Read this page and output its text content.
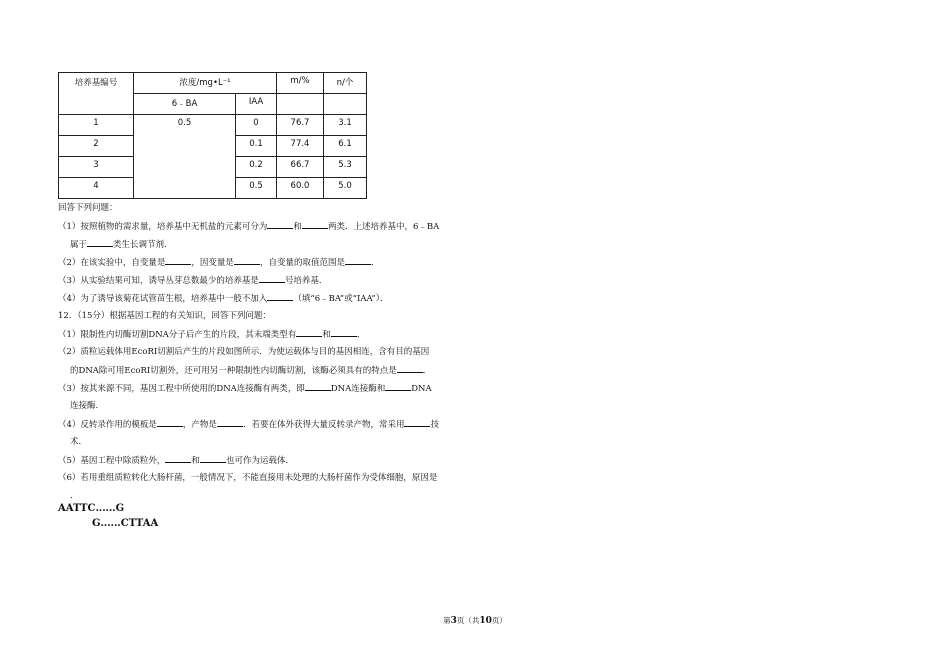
培养基编号	浓度/mg•L⁻¹		m/%	n/个
	6﹣BA	IAA		
1	0.5	0	76.7	3.1
2		0.1	77.4	6.1
3		0.2	66.7	5.3
4		0.5	60.0	5.0
回答下列问题：
（1）按照植物的需求量，培养基中无机盐的元素可分为	和	两类．上述培养基中，6﹣BA
属于	类生长调节剂．
（2）在该实验中，自变量是	，因变量是	，自变量的取值范围是	．
（3）从实验结果可知，诱导丛芽总数最少的培养基是	号培养基．
（4）为了诱导该菊花试管苗生根，培养基中一般不加入	（填“6﹣BA”或“IAA”）．
12．（15分）根据基因工程的有关知识，回答下列问题：
（1）限制性内切酶切割DNA分子后产生的片段，其末端类型有	和	．
（2）质粒运载体用EcoRⅠ切割后产生的片段如图所示．为使运载体与目的基因相连，含有目的基因
的DNA除可用EcoRⅠ切割外，还可用另一种限制性内切酶切割，该酶必须具有的特点是	．
（3）按其来源不同，基因工程中所使用的DNA连接酶有两类，即	DNA连接酶和	DNA
连接酶．
（4）反转录作用的模板是	，产物是	．若要在体外获得大量反转录产物，常采用	技
术．
（5）基因工程中除质粒外，	和	也可作为运载体．
（6）若用重组质粒转化大肠杆菌，一般情况下，不能直接用未处理的大肠杆菌作为受体细胞，原因是
．
AATTC‥‥‥G
G‥‥‥CTTAA
第3页（共10页）
